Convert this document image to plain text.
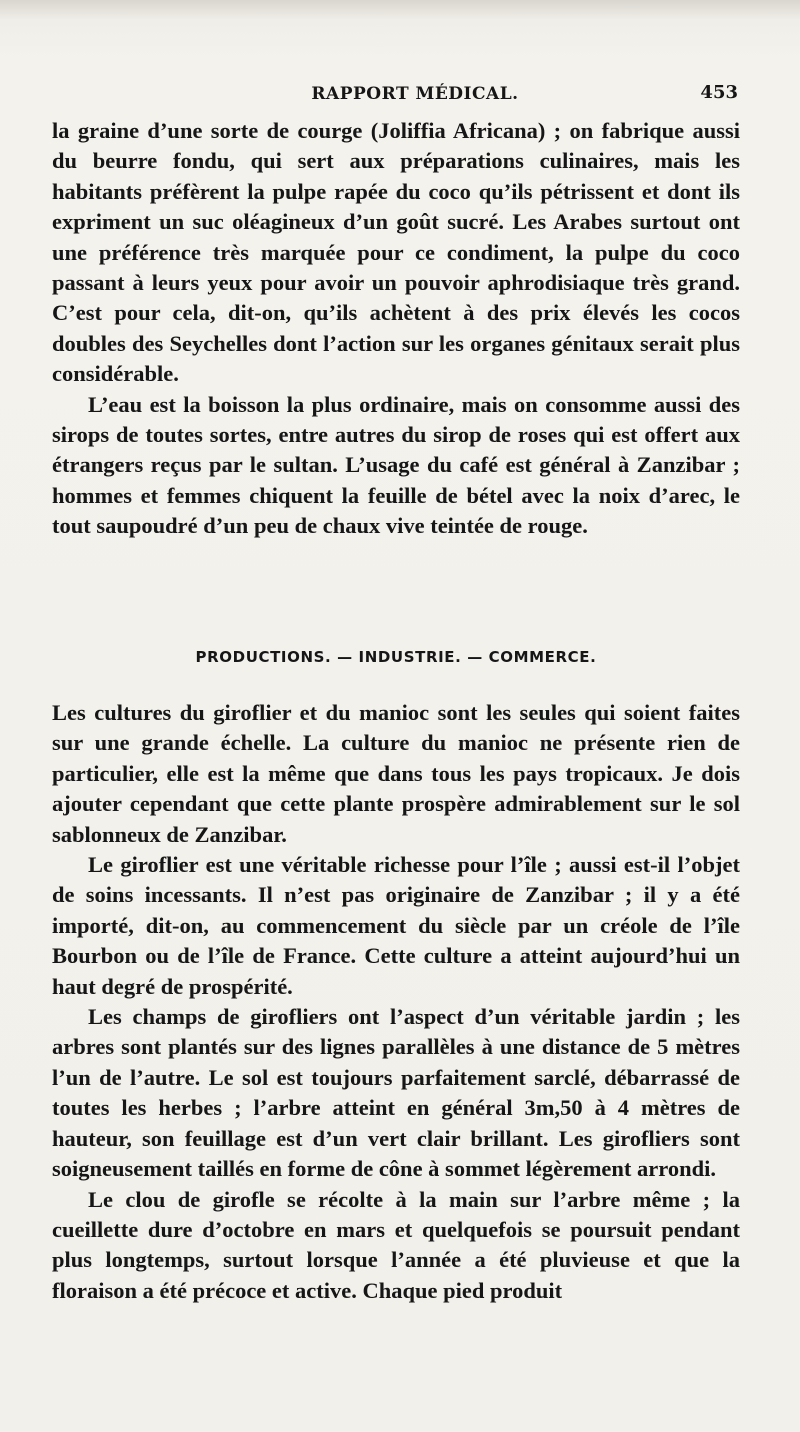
RAPPORT MÉDICAL.	453

la graine d’une sorte de courge (Joliffia Africana) ; on fabrique aussi du beurre fondu, qui sert aux préparations culinaires, mais les habitants préfèrent la pulpe rapée du coco qu’ils pétrissent et dont ils expriment un suc oléagineux d’un goût sucré. Les Arabes surtout ont une préférence très marquée pour ce condiment, la pulpe du coco passant à leurs yeux pour avoir un pouvoir aphrodisiaque très grand. C’est pour cela, dit-on, qu’ils achètent à des prix élevés les cocos doubles des Seychelles dont l’action sur les organes génitaux serait plus considérable.

L’eau est la boisson la plus ordinaire, mais on consomme aussi des sirops de toutes sortes, entre autres du sirop de roses qui est offert aux étrangers reçus par le sultan. L’usage du café est général à Zanzibar ; hommes et femmes chiquent la feuille de bétel avec la noix d’arec, le tout saupoudré d’un peu de chaux vive teintée de rouge.

PRODUCTIONS. — INDUSTRIE. — COMMERCE.

Les cultures du giroflier et du manioc sont les seules qui soient faites sur une grande échelle. La culture du manioc ne présente rien de particulier, elle est la même que dans tous les pays tropicaux. Je dois ajouter cependant que cette plante prospère admirablement sur le sol sablonneux de Zanzibar.

Le giroflier est une véritable richesse pour l’île ; aussi est-il l’objet de soins incessants. Il n’est pas originaire de Zanzibar ; il y a été importé, dit-on, au commencement du siècle par un créole de l’île Bourbon ou de l’île de France. Cette culture a atteint aujourd’hui un haut degré de prospérité.

Les champs de girofliers ont l’aspect d’un véritable jardin ; les arbres sont plantés sur des lignes parallèles à une distance de 5 mètres l’un de l’autre. Le sol est toujours parfaitement sarclé, débarrassé de toutes les herbes ; l’arbre atteint en général 3m,50 à 4 mètres de hauteur, son feuillage est d’un vert clair brillant. Les girofliers sont soigneusement taillés en forme de cône à sommet légèrement arrondi.

Le clou de girofle se récolte à la main sur l’arbre même ; la cueillette dure d’octobre en mars et quelquefois se poursuit pendant plus longtemps, surtout lorsque l’année a été pluvieuse et que la floraison a été précoce et active. Chaque pied produit
